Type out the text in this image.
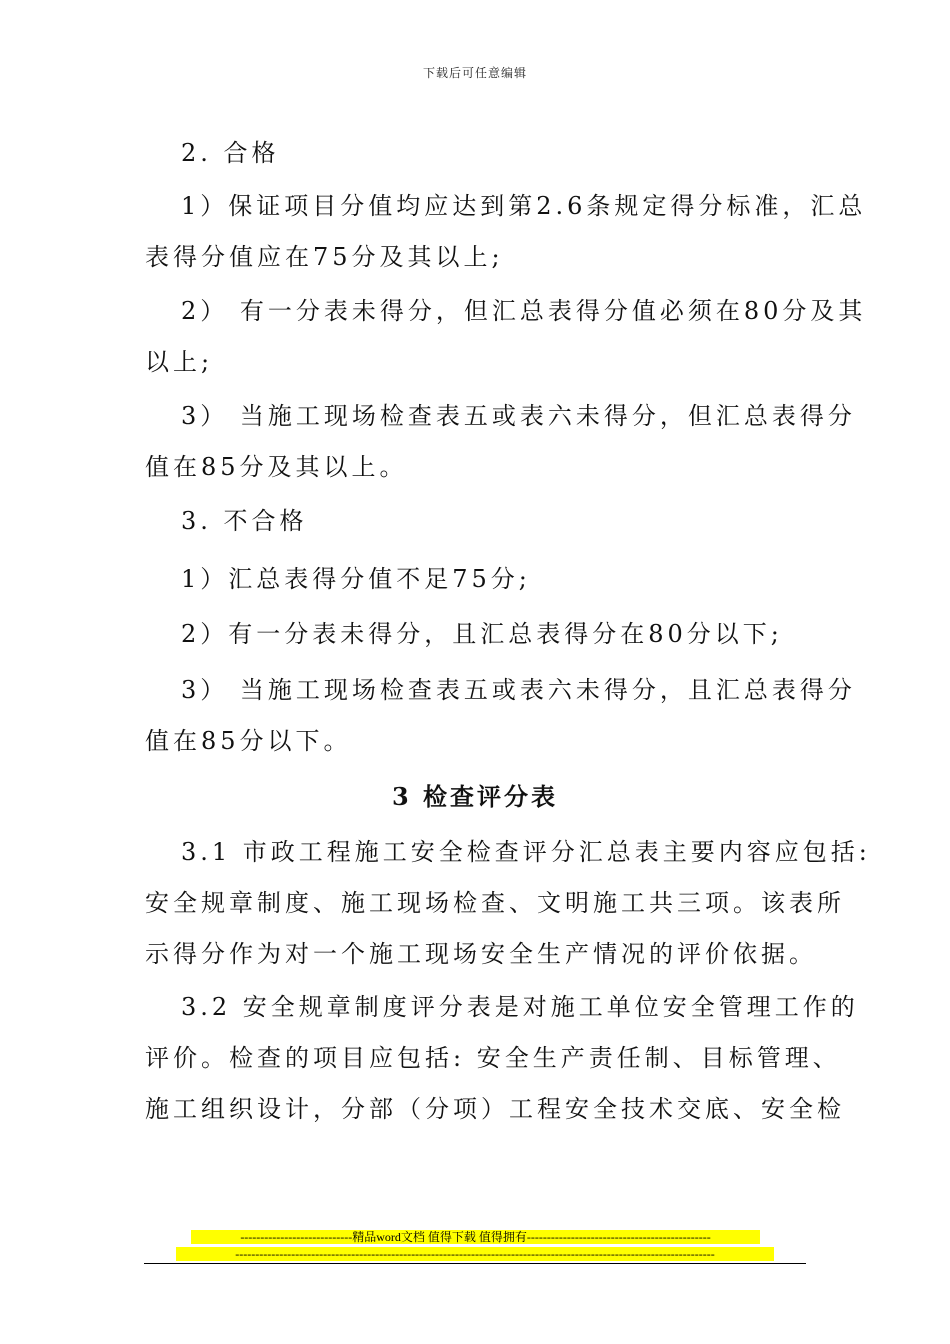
下载后可任意编辑
2. 合格
1）保证项目分值均应达到第2.6条规定得分标准，汇总
表得分值应在75分及其以上;
2） 有一分表未得分，但汇总表得分值必须在80分及其
以上;
3） 当施工现场检查表五或表六未得分，但汇总表得分
值在85分及其以上。
3. 不合格
1）汇总表得分值不足75分;
2）有一分表未得分，且汇总表得分在80分以下;
3） 当施工现场检查表五或表六未得分，且汇总表得分
值在85分以下。
3 检查评分表
3.1 市政工程施工安全检查评分汇总表主要内容应包括:
安全规章制度、施工现场检查、文明施工共三项。该表所
示得分作为对一个施工现场安全生产情况的评价依据。
3.2 安全规章制度评分表是对施工单位安全管理工作的
评价。检查的项目应包括: 安全生产责任制、目标管理、
施工组织设计，分部（分项）工程安全技术交底、安全检
----------------------------精品word文档 值得下载 值得拥有----------------------------------------------
------------------------------------------------------------------------------------------------------------------------
